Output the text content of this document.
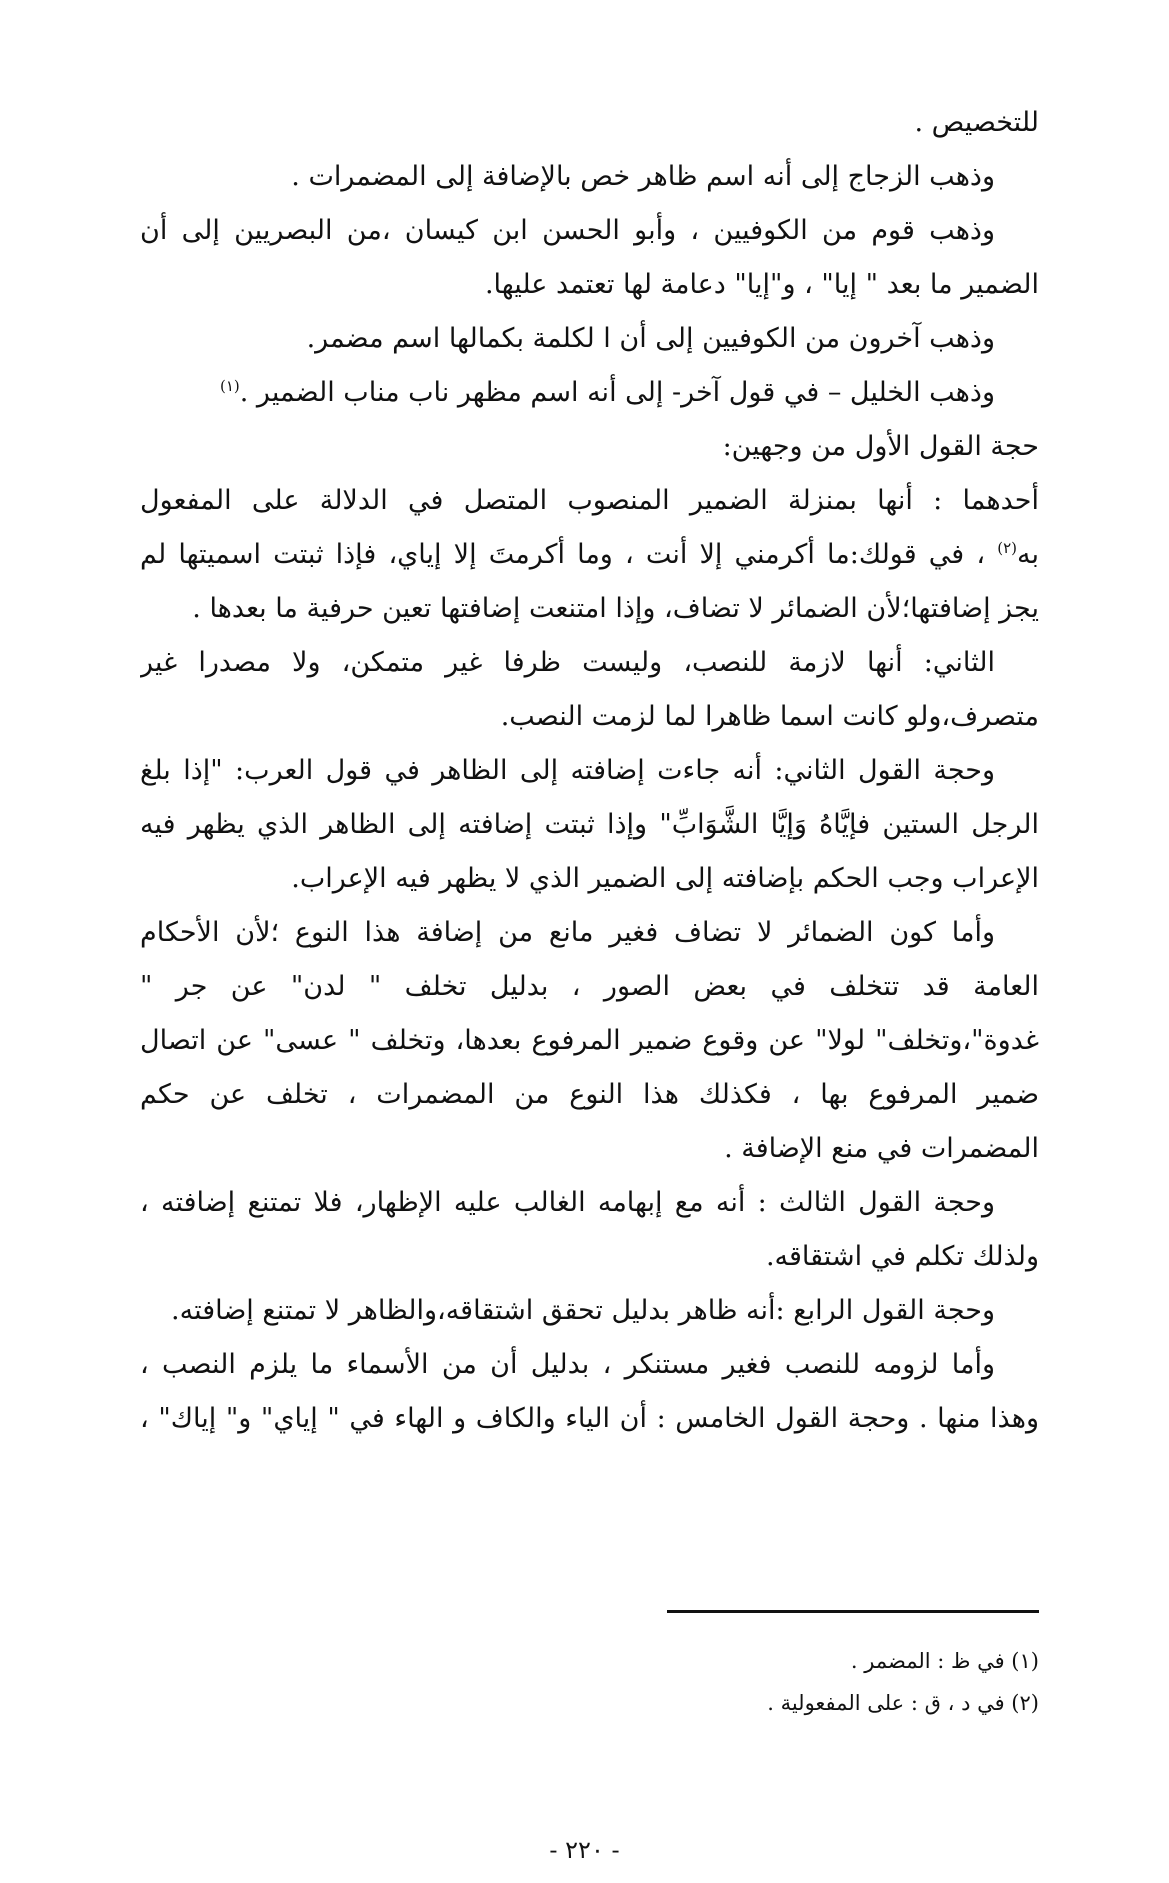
للتخصيص .
وذهب الزجاج إلى أنه اسم ظاهر خص بالإضافة إلى المضمرات .
وذهب قوم من الكوفيين ، وأبو الحسن ابن كيسان ،من البصريين إلى أن
الضمير ما بعد " إيا" ، و"إيا" دعامة لها تعتمد عليها.
وذهب آخرون من الكوفيين إلى أن ا لكلمة بكمالها اسم مضمر.
وذهب الخليل – في قول آخر- إلى أنه اسم مظهر ناب مناب الضمير .$^{(١)}$
حجة القول الأول من وجهين:
أحدهما : أنها بمنزلة الضمير المنصوب المتصل في الدلالة على المفعول
به$^{(٢)}$ ، في قولك:ما أكرمني إلا أنت ، وما أكرمتَ إلا إياي، فإذا ثبتت اسميتها لم
يجز إضافتها؛لأن الضمائر لا تضاف، وإذا امتنعت إضافتها تعين حرفية ما بعدها .
الثاني: أنها لازمة للنصب، وليست ظرفا غير متمكن، ولا مصدرا غير
متصرف،ولو كانت اسما ظاهرا لما لزمت النصب.
وحجة القول الثاني: أنه جاءت إضافته إلى الظاهر في قول العرب: "إذا بلغ
الرجل الستين فإيَّاهُ وَإيَّا الشَّوَابِّ" وإذا ثبتت إضافته إلى الظاهر الذي يظهر فيه
الإعراب وجب الحكم بإضافته إلى الضمير الذي لا يظهر فيه الإعراب.
وأما كون الضمائر لا تضاف فغير مانع من إضافة هذا النوع ؛لأن الأحكام
العامة قد تتخلف في بعض الصور ، بدليل تخلف " لدن" عن جر "
غدوة"،وتخلف" لولا" عن وقوع ضمير المرفوع بعدها، وتخلف " عسى" عن اتصال
ضمير المرفوع بها ، فكذلك هذا النوع من المضمرات ، تخلف عن حكم
المضمرات في منع الإضافة .
وحجة القول الثالث : أنه مع إبهامه الغالب عليه الإظهار، فلا تمتنع إضافته ،
ولذلك تكلم في اشتقاقه.
وحجة القول الرابع :أنه ظاهر بدليل تحقق اشتقاقه،والظاهر لا تمتنع إضافته.
وأما لزومه للنصب فغير مستنكر ، بدليل أن من الأسماء ما يلزم النصب ،
وهذا منها . وحجة القول الخامس : أن الياء والكاف و الهاء في " إياي" و" إياك" ،
(١) في ظ : المضمر .
(٢) في د ، ق : على المفعولية .
- ٢٢٠ -
